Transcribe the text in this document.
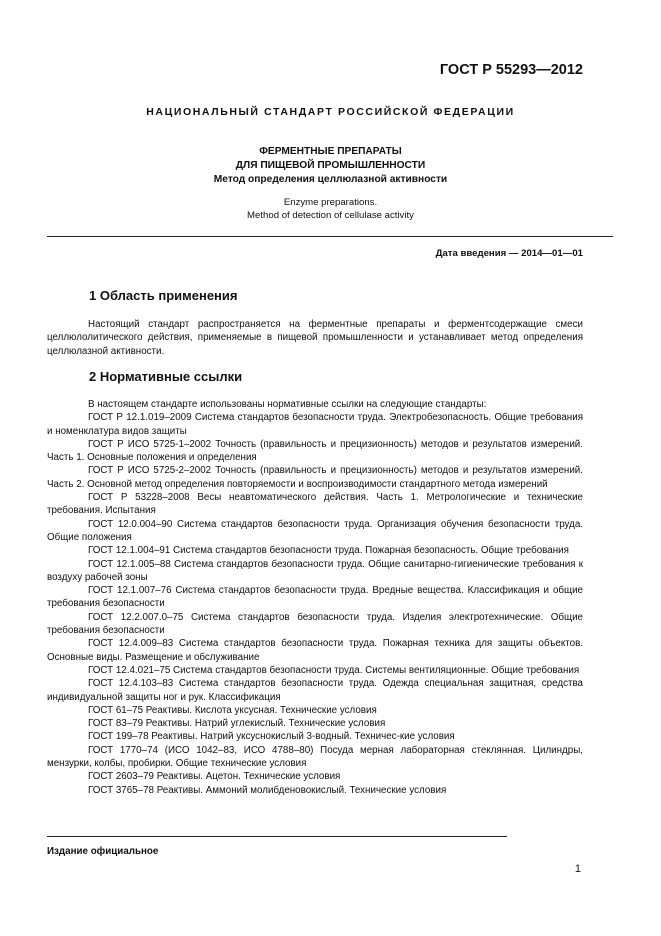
ГОСТ Р 55293—2012
НАЦИОНАЛЬНЫЙ СТАНДАРТ РОССИЙСКОЙ ФЕДЕРАЦИИ
ФЕРМЕНТНЫЕ ПРЕПАРАТЫ
ДЛЯ ПИЩЕВОЙ ПРОМЫШЛЕННОСТИ
Метод определения целлюлазной активности
Enzyme preparations.
Method of detection of cellulase activity
Дата введения — 2014—01—01
1 Область применения

Настоящий стандарт распространяется на ферментные препараты и ферментсодержащие смеси целлюлолитического действия, применяемые в пищевой промышленности и устанавливает метод определения целлюлазной активности.

2 Нормативные ссылки

В настоящем стандарте использованы нормативные ссылки на следующие стандарты:

ГОСТ Р 12.1.019–2009 Система стандартов безопасности труда. Электробезопасность. Общие требования и номенклатура видов защиты

ГОСТ Р ИСО 5725-1–2002 Точность (правильность и прецизионность) методов и результатов измерений. Часть 1. Основные положения и определения

ГОСТ Р ИСО 5725-2–2002 Точность (правильность и прецизионность) методов и результатов измерений. Часть 2. Основной метод определения повторяемости и воспроизводимости стандартного метода измерений

ГОСТ Р 53228–2008 Весы неавтоматического действия. Часть 1. Метрологические и технические требования. Испытания

ГОСТ 12.0.004–90 Система стандартов безопасности труда. Организация обучения безопасности труда. Общие положения

ГОСТ 12.1.004–91 Система стандартов безопасности труда. Пожарная безопасность. Общие требования

ГОСТ 12.1.005–88 Система стандартов безопасности труда. Общие санитарно-гигиенические требования к воздуху рабочей зоны

ГОСТ 12.1.007–76 Система стандартов безопасности труда. Вредные вещества. Классификация и общие требования безопасности

ГОСТ 12.2.007.0–75 Система стандартов безопасности труда. Изделия электротехнические. Общие требования безопасности

ГОСТ 12.4.009–83 Система стандартов безопасности труда. Пожарная техника для защиты объектов. Основные виды. Размещение и обслуживание

ГОСТ 12.4.021–75 Система стандартов безопасности труда. Системы вентиляционные. Общие требования

ГОСТ 12.4.103–83 Система стандартов безопасности труда. Одежда специальная защитная, средства индивидуальной защиты ног и рук. Классификация

ГОСТ 61–75 Реактивы. Кислота уксусная. Технические условия

ГОСТ 83–79 Реактивы. Натрий углекислый. Технические условия

ГОСТ 199–78 Реактивы. Натрий уксуснокислый 3-водный. Техничес-кие условия

ГОСТ 1770–74 (ИСО 1042–83, ИСО 4788–80) Посуда мерная лабораторная стеклянная. Цилиндры, мензурки, колбы, пробирки. Общие технические условия

ГОСТ 2603–79 Реактивы. Ацетон. Технические условия

ГОСТ 3765–78 Реактивы. Аммоний молибденовокислый. Технические условия

Издание официальное
1
